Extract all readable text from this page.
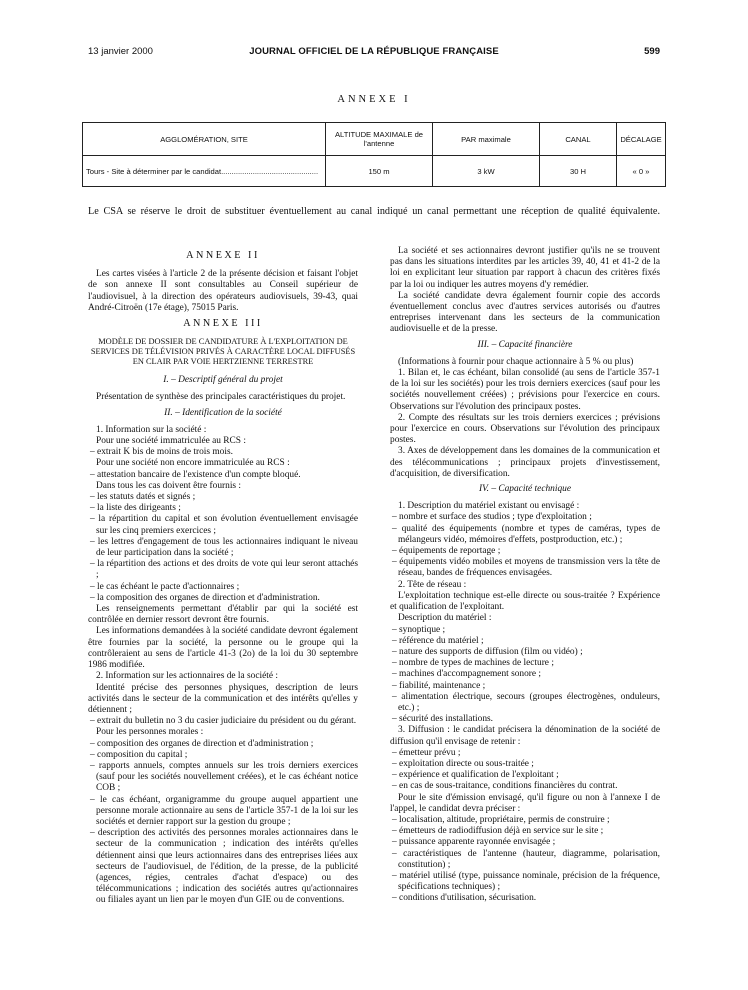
13 janvier 2000	JOURNAL OFFICIEL DE LA RÉPUBLIQUE FRANÇAISE	599
ANNEXE I
AGGLOMÉRATION, SITE	ALTITUDE MAXIMALE de l'antenne	PAR maximale	CANAL	DÉCALAGE
Tours - Site à déterminer par le candidat..............................................	150 m	3 kW	30 H	« 0 »
Le CSA se réserve le droit de substituer éventuellement au canal indiqué un canal permettant une réception de qualité équivalente.

ANNEXE II

Les cartes visées à l'article 2 de la présente décision et faisant l'objet de son annexe II sont consultables au Conseil supérieur de l'audiovisuel, à la direction des opérateurs audiovisuels, 39-43, quai André-Citroën (17e étage), 75015 Paris.

ANNEXE III

MODÈLE DE DOSSIER DE CANDIDATURE À L'EXPLOITATION DE SERVICES DE TÉLÉVISION PRIVÉS À CARACTÈRE LOCAL DIFFUSÉS EN CLAIR PAR VOIE HERTZIENNE TERRESTRE

I. – Descriptif général du projet

Présentation de synthèse des principales caractéristiques du projet.

II. – Identification de la société

1. Information sur la société :

Pour une société immatriculée au RCS :

– extrait K bis de moins de trois mois.

Pour une société non encore immatriculée au RCS :

– attestation bancaire de l'existence d'un compte bloqué.

Dans tous les cas doivent être fournis :

– les statuts datés et signés ;

– la liste des dirigeants ;

– la répartition du capital et son évolution éventuellement envisagée sur les cinq premiers exercices ;

– les lettres d'engagement de tous les actionnaires indiquant le niveau de leur participation dans la société ;

– la répartition des actions et des droits de vote qui leur seront attachés ;

– le cas échéant le pacte d'actionnaires ;

– la composition des organes de direction et d'administration.

Les renseignements permettant d'établir par qui la société est contrôlée en dernier ressort devront être fournis.

Les informations demandées à la société candidate devront également être fournies par la société, la personne ou le groupe qui la contrôleraient au sens de l'article 41-3 (2o) de la loi du 30 septembre 1986 modifiée.

2. Information sur les actionnaires de la société :

Identité précise des personnes physiques, description de leurs activités dans le secteur de la communication et des intérêts qu'elles y détiennent ;

– extrait du bulletin no 3 du casier judiciaire du président ou du gérant.

Pour les personnes morales :

– composition des organes de direction et d'administration ;

– composition du capital ;

– rapports annuels, comptes annuels sur les trois derniers exercices (sauf pour les sociétés nouvellement créées), et le cas échéant notice COB ;

– le cas échéant, organigramme du groupe auquel appartient une personne morale actionnaire au sens de l'article 357-1 de la loi sur les sociétés et dernier rapport sur la gestion du groupe ;

– description des activités des personnes morales actionnaires dans le secteur de la communication ; indication des intérêts qu'elles détiennent ainsi que leurs actionnaires dans des entreprises liées aux secteurs de l'audiovisuel, de l'édition, de la presse, de la publicité (agences, régies, centrales d'achat d'espace) ou des télécommunications ; indication des sociétés autres qu'actionnaires ou filiales ayant un lien par le moyen d'un GIE ou de conventions.

La société et ses actionnaires devront justifier qu'ils ne se trouvent pas dans les situations interdites par les articles 39, 40, 41 et 41-2 de la loi en explicitant leur situation par rapport à chacun des critères fixés par la loi ou indiquer les autres moyens d'y remédier.

La société candidate devra également fournir copie des accords éventuellement conclus avec d'autres services autorisés ou d'autres entreprises intervenant dans les secteurs de la communication audiovisuelle et de la presse.

III. – Capacité financière

(Informations à fournir pour chaque actionnaire à 5 % ou plus)

1. Bilan et, le cas échéant, bilan consolidé (au sens de l'article 357-1 de la loi sur les sociétés) pour les trois derniers exercices (sauf pour les sociétés nouvellement créées) ; prévisions pour l'exercice en cours. Observations sur l'évolution des principaux postes.

2. Compte des résultats sur les trois derniers exercices ; prévisions pour l'exercice en cours. Observations sur l'évolution des principaux postes.

3. Axes de développement dans les domaines de la communication et des télécommunications ; principaux projets d'investissement, d'acquisition, de diversification.

IV. – Capacité technique

1. Description du matériel existant ou envisagé :

– nombre et surface des studios ; type d'exploitation ;

– qualité des équipements (nombre et types de caméras, types de mélangeurs vidéo, mémoires d'effets, postproduction, etc.) ;

– équipements de reportage ;

– équipements vidéo mobiles et moyens de transmission vers la tête de réseau, bandes de fréquences envisagées.

2. Tête de réseau :

L'exploitation technique est-elle directe ou sous-traitée ? Expérience et qualification de l'exploitant.

Description du matériel :

– synoptique ;

– référence du matériel ;

– nature des supports de diffusion (film ou vidéo) ;

– nombre de types de machines de lecture ;

– machines d'accompagnement sonore ;

– fiabilité, maintenance ;

– alimentation électrique, secours (groupes électrogènes, onduleurs, etc.) ;

– sécurité des installations.

3. Diffusion : le candidat précisera la dénomination de la société de diffusion qu'il envisage de retenir :

– émetteur prévu ;

– exploitation directe ou sous-traitée ;

– expérience et qualification de l'exploitant ;

– en cas de sous-traitance, conditions financières du contrat.

Pour le site d'émission envisagé, qu'il figure ou non à l'annexe I de l'appel, le candidat devra préciser :

– localisation, altitude, propriétaire, permis de construire ;

– émetteurs de radiodiffusion déjà en service sur le site ;

– puissance apparente rayonnée envisagée ;

– caractéristiques de l'antenne (hauteur, diagramme, polarisation, constitution) ;

– matériel utilisé (type, puissance nominale, précision de la fréquence, spécifications techniques) ;

– conditions d'utilisation, sécurisation.
